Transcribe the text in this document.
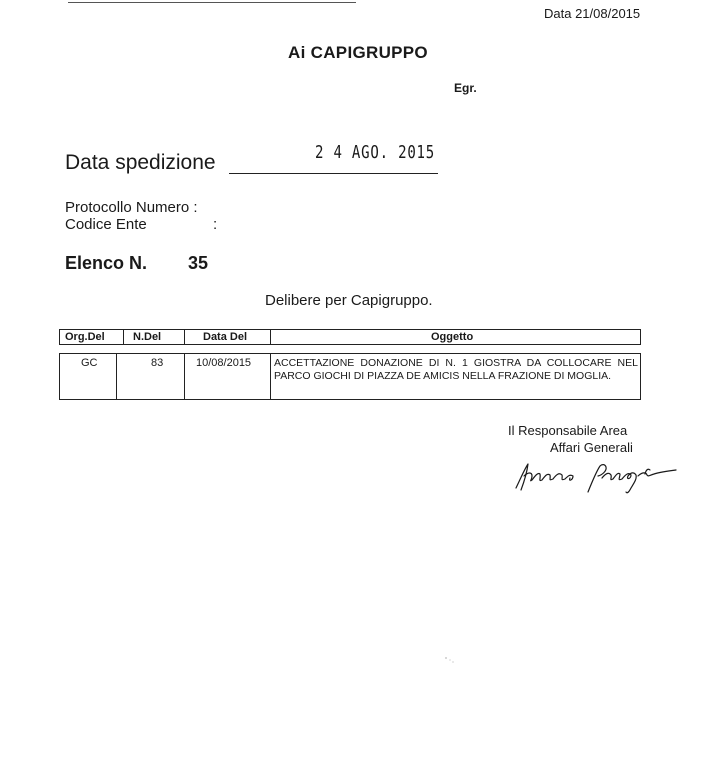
Data 21/08/2015
Ai CAPIGRUPPO
Egr.
Data spedizione	2 4 AGO. 2015
Protocollo Numero :
Codice Ente	:
Elenco N. 35
Delibere per Capigruppo.
Org.Del	N.Del	Data Del	Oggetto
GC	83	10/08/2015 ACCETTAZIONE DONAZIONE DI N. 1 GIOSTRA DA COLLOCARE NEL PARCO GIOCHI DI PIAZZA DE AMICIS NELLA FRAZIONE DI MOGLIA.
Il Responsabile Area
Affari Generali
